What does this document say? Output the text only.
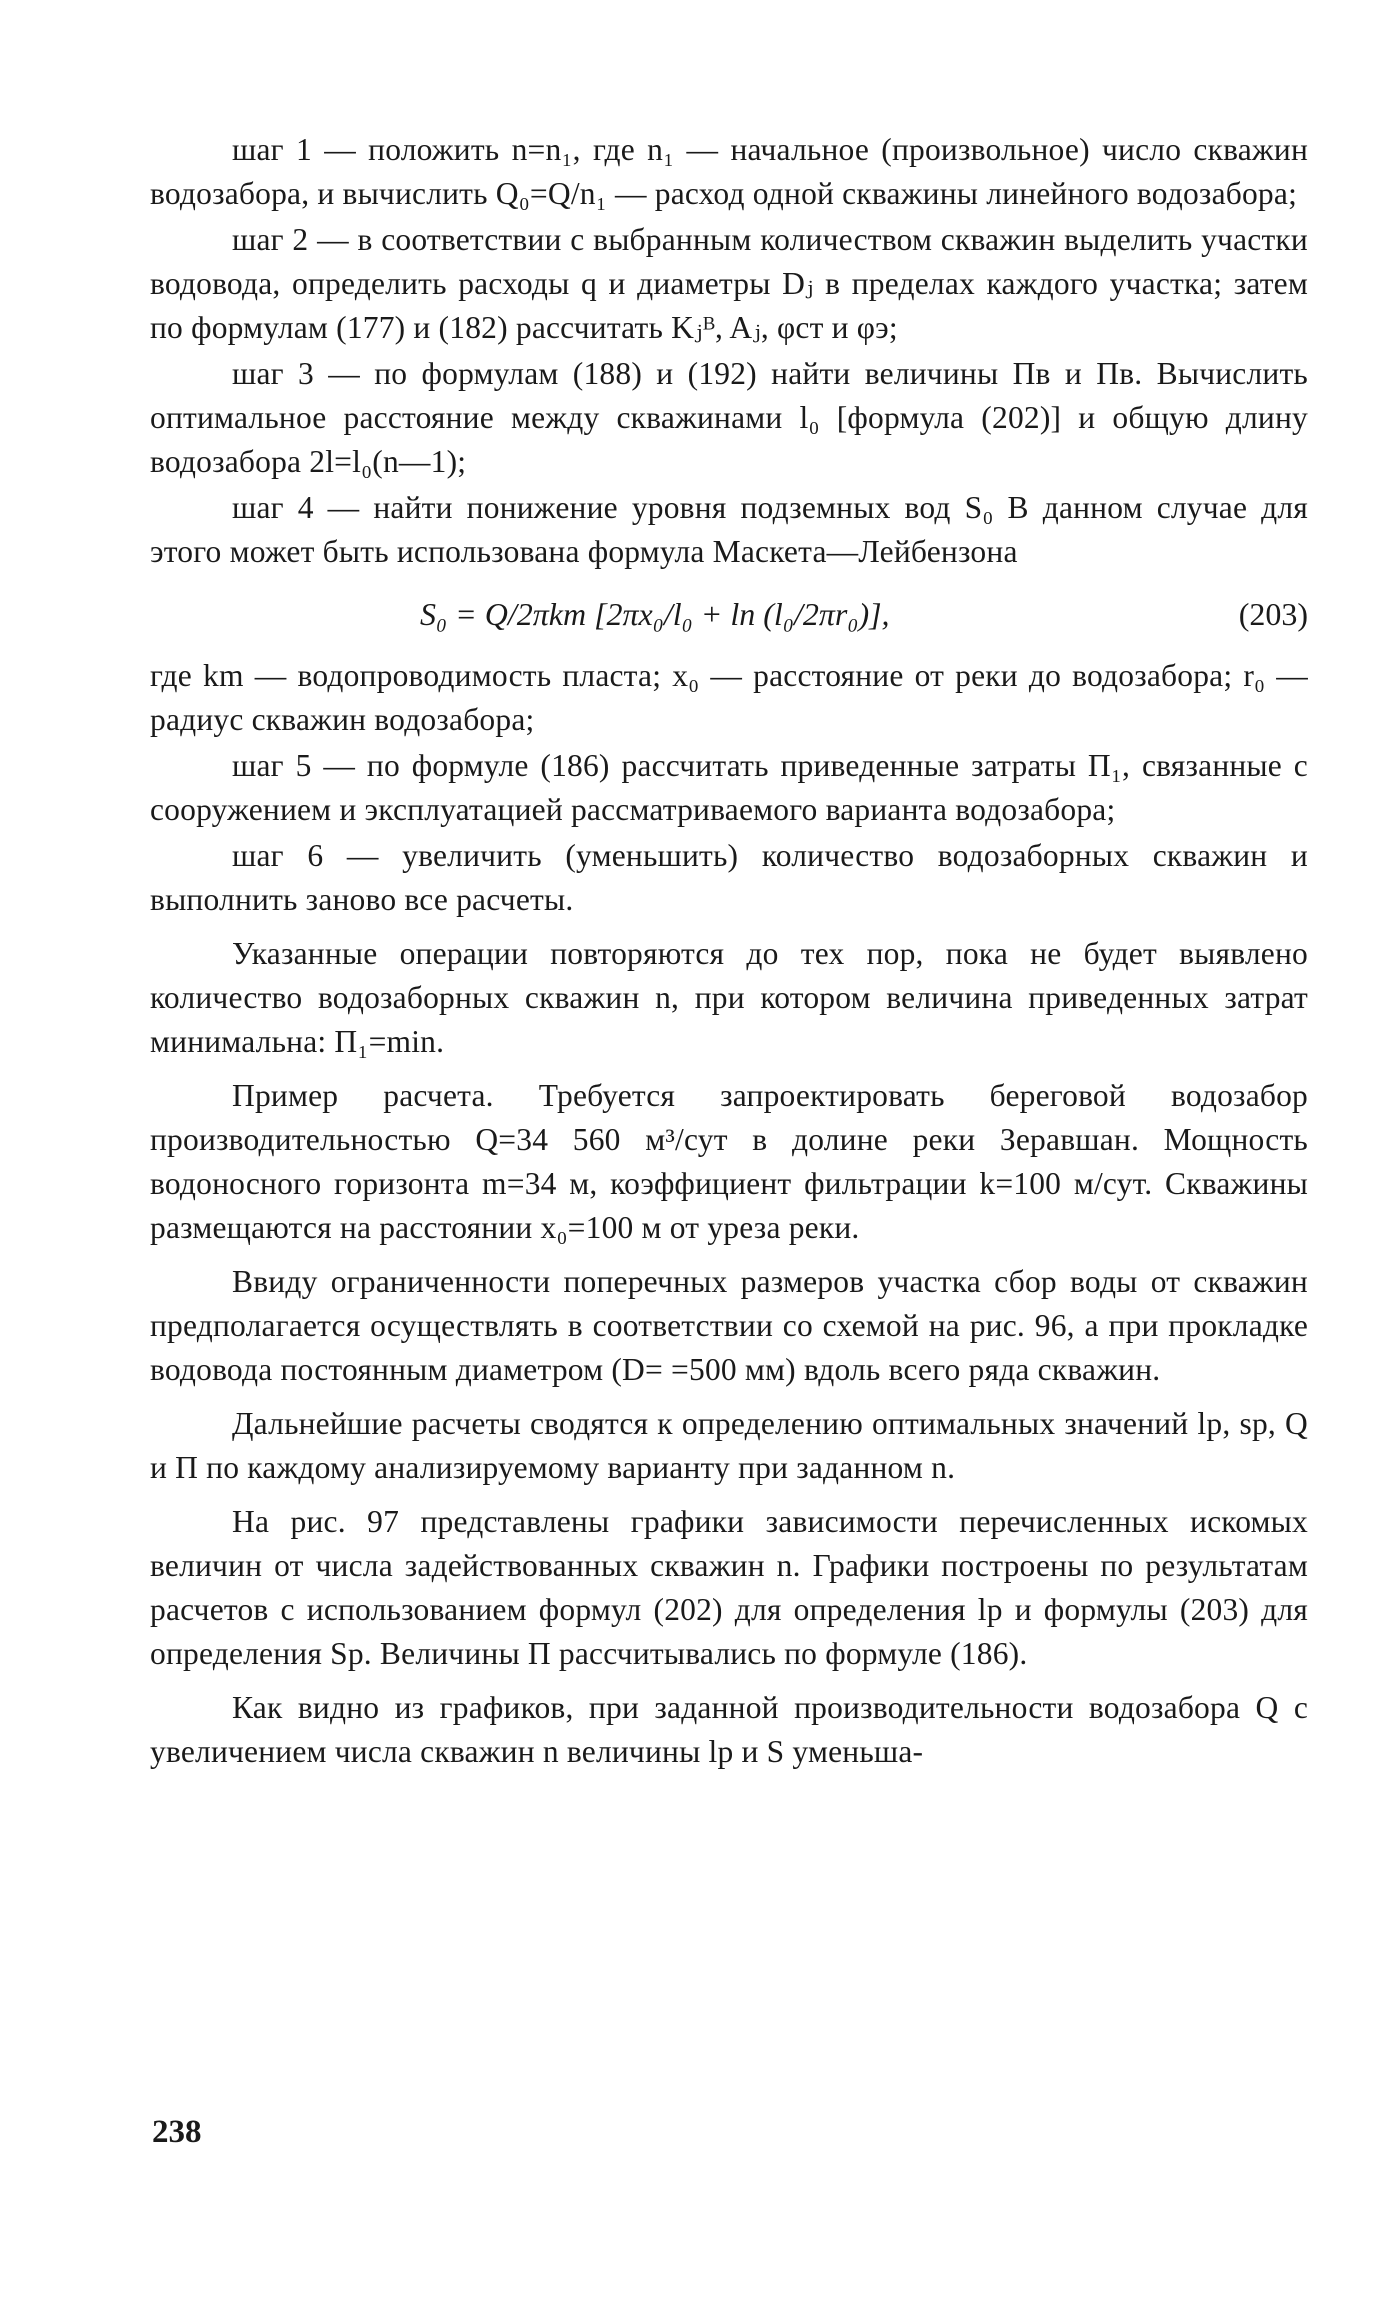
шаг 1 — положить n=n₁, где n₁ — начальное (произвольное) число скважин водозабора, и вычислить Q₀=Q/n₁ — расход одной скважины линейного водозабора;

шаг 2 — в соответствии с выбранным количеством скважин выделить участки водовода, определить расходы q и диаметры Dⱼ в пределах каждого участка; затем по формулам (177) и (182) рассчитать Kⱼᴮ, Aⱼ, φст и φэ;

шаг 3 — по формулам (188) и (192) найти величины Пв и Пв. Вычислить оптимальное расстояние между скважинами l₀ [формула (202)] и общую длину водозабора 2l=l₀(n—1);

шаг 4 — найти понижение уровня подземных вод S₀ В данном случае для этого может быть использована формула Маскета—Лейбензона

S₀ = Q/2πkm [2πx₀/l₀ + ln (l₀/2πr₀)],	(203)

где km — водопроводимость пласта; x₀ — расстояние от реки до водозабора; r₀ — радиус скважин водозабора;

шаг 5 — по формуле (186) рассчитать приведенные затраты П₁, связанные с сооружением и эксплуатацией рассматриваемого варианта водозабора;

шаг 6 — увеличить (уменьшить) количество водозаборных скважин и выполнить заново все расчеты.

Указанные операции повторяются до тех пор, пока не будет выявлено количество водозаборных скважин n, при котором величина приведенных затрат минимальна: П₁=min.

Пример расчета. Требуется запроектировать береговой водозабор производительностью Q=34 560 м³/сут в долине реки Зеравшан. Мощность водоносного горизонта m=34 м, коэффициент фильтрации k=100 м/сут. Скважины размещаются на расстоянии x₀=100 м от уреза реки.

Ввиду ограниченности поперечных размеров участка сбор воды от скважин предполагается осуществлять в соответствии со схемой на рис. 96, а при прокладке водовода постоянным диаметром (D= =500 мм) вдоль всего ряда скважин.

Дальнейшие расчеты сводятся к определению оптимальных значений lр, sр, Q и П по каждому анализируемому варианту при заданном n.

На рис. 97 представлены графики зависимости перечисленных искомых величин от числа задействованных скважин n. Графики построены по результатам расчетов с использованием формул (202) для определения lр и формулы (203) для определения Sр. Величины П рассчитывались по формуле (186).

Как видно из графиков, при заданной производительности водозабора Q с увеличением числа скважин n величины lр и S уменьша-

238
